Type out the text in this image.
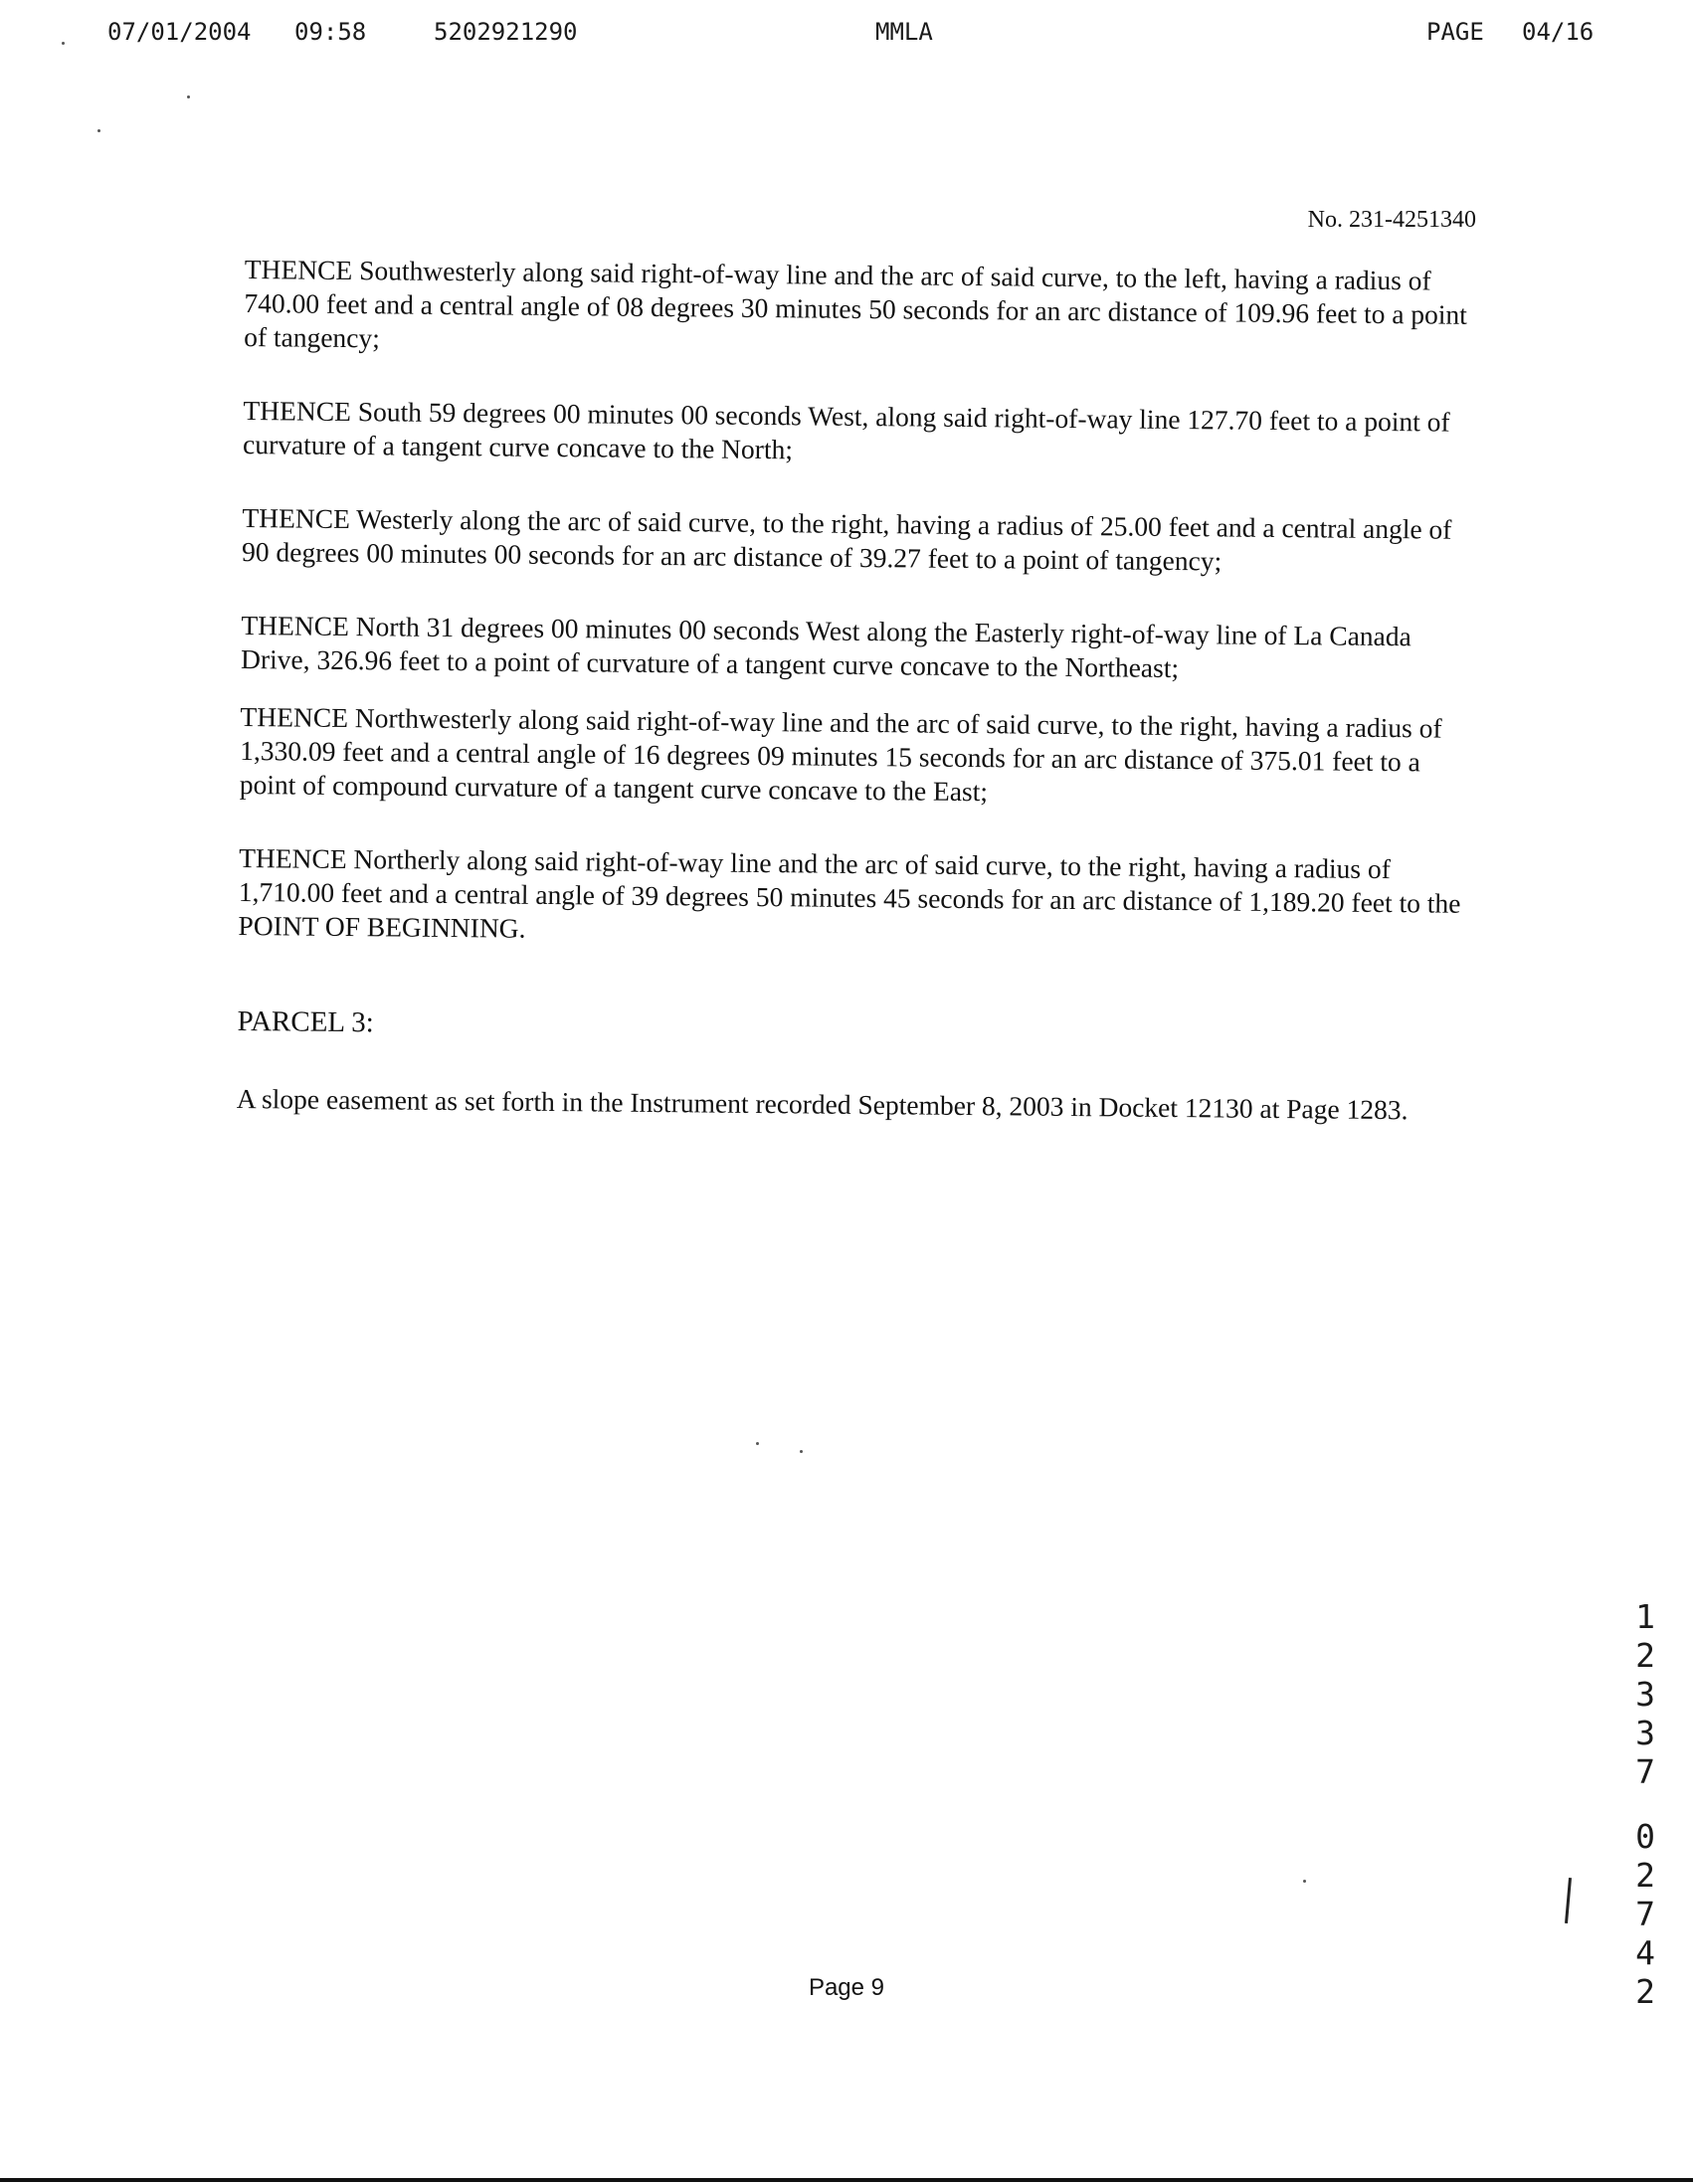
07/01/2004 09:58	5202921290	MMLA	PAGE 04/16
No. 231-4251340

THENCE Southwesterly along said right-of-way line and the arc of said curve, to the left, having a radius of 740.00 feet and a central angle of 08 degrees 30 minutes 50 seconds for an arc distance of 109.96 feet to a point of tangency;

THENCE South 59 degrees 00 minutes 00 seconds West, along said right-of-way line 127.70 feet to a point of curvature of a tangent curve concave to the North;

THENCE Westerly along the arc of said curve, to the right, having a radius of 25.00 feet and a central angle of 90 degrees 00 minutes 00 seconds for an arc distance of 39.27 feet to a point of tangency;

THENCE North 31 degrees 00 minutes 00 seconds West along the Easterly right-of-way line of La Canada Drive, 326.96 feet to a point of curvature of a tangent curve concave to the Northeast;

THENCE Northwesterly along said right-of-way line and the arc of said curve, to the right, having a radius of 1,330.09 feet and a central angle of 16 degrees 09 minutes 15 seconds for an arc distance of 375.01 feet to a point of compound curvature of a tangent curve concave to the East;

THENCE Northerly along said right-of-way line and the arc of said curve, to the right, having a radius of 1,710.00 feet and a central angle of 39 degrees 50 minutes 45 seconds for an arc distance of 1,189.20 feet to the POINT OF BEGINNING.

PARCEL 3:

A slope easement as set forth in the Instrument recorded September 8, 2003 in Docket 12130 at Page 1283.

12337
02742
Page 9
